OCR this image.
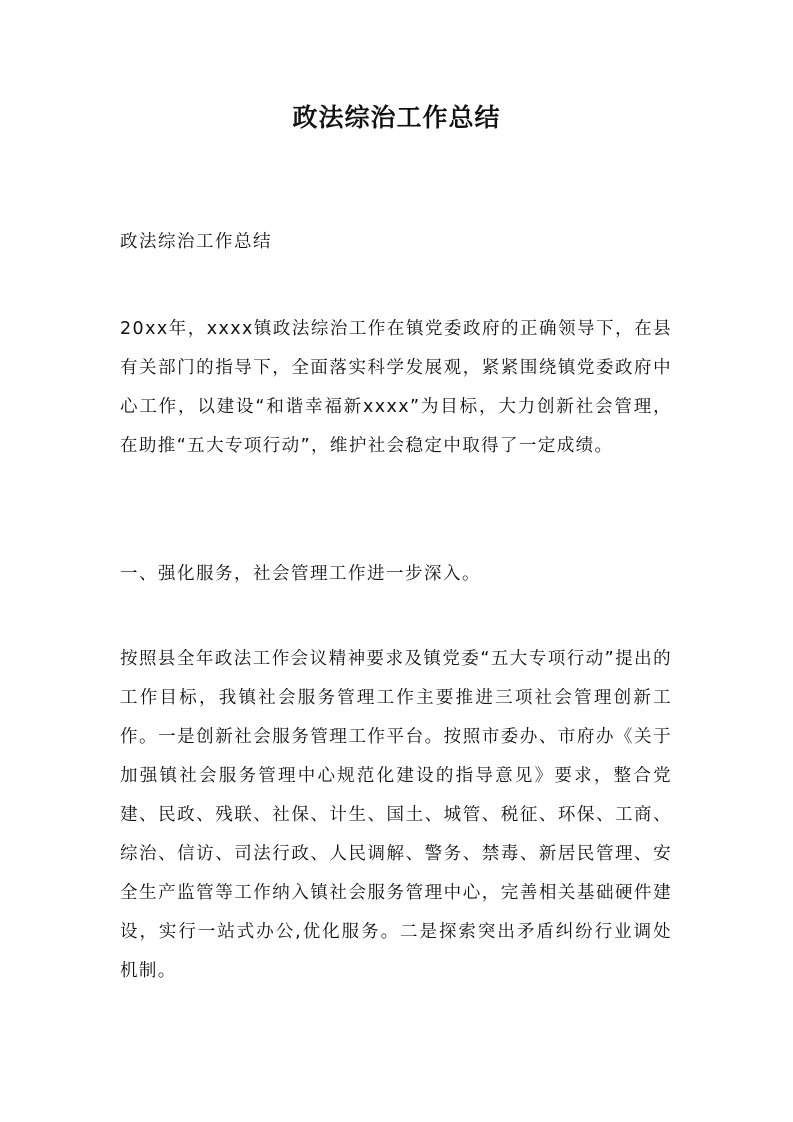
政法综治工作总结

政法综治工作总结

20xx年，xxxx镇政法综治工作在镇党委政府的正确领导下，在县有关部门的指导下，全面落实科学发展观，紧紧围绕镇党委政府中心工作，以建设“和谐幸福新xxxx”为目标，大力创新社会管理，在助推“五大专项行动”，维护社会稳定中取得了一定成绩。

一、强化服务，社会管理工作进一步深入。

按照县全年政法工作会议精神要求及镇党委“五大专项行动”提出的工作目标，我镇社会服务管理工作主要推进三项社会管理创新工作。一是创新社会服务管理工作平台。按照市委办、市府办《关于加强镇社会服务管理中心规范化建设的指导意见》要求，整合党建、民政、残联、社保、计生、国土、城管、税征、环保、工商、综治、信访、司法行政、人民调解、警务、禁毒、新居民管理、安全生产监管等工作纳入镇社会服务管理中心，完善相关基础硬件建设，实行一站式办公,优化服务。二是探索突出矛盾纠纷行业调处机制。
